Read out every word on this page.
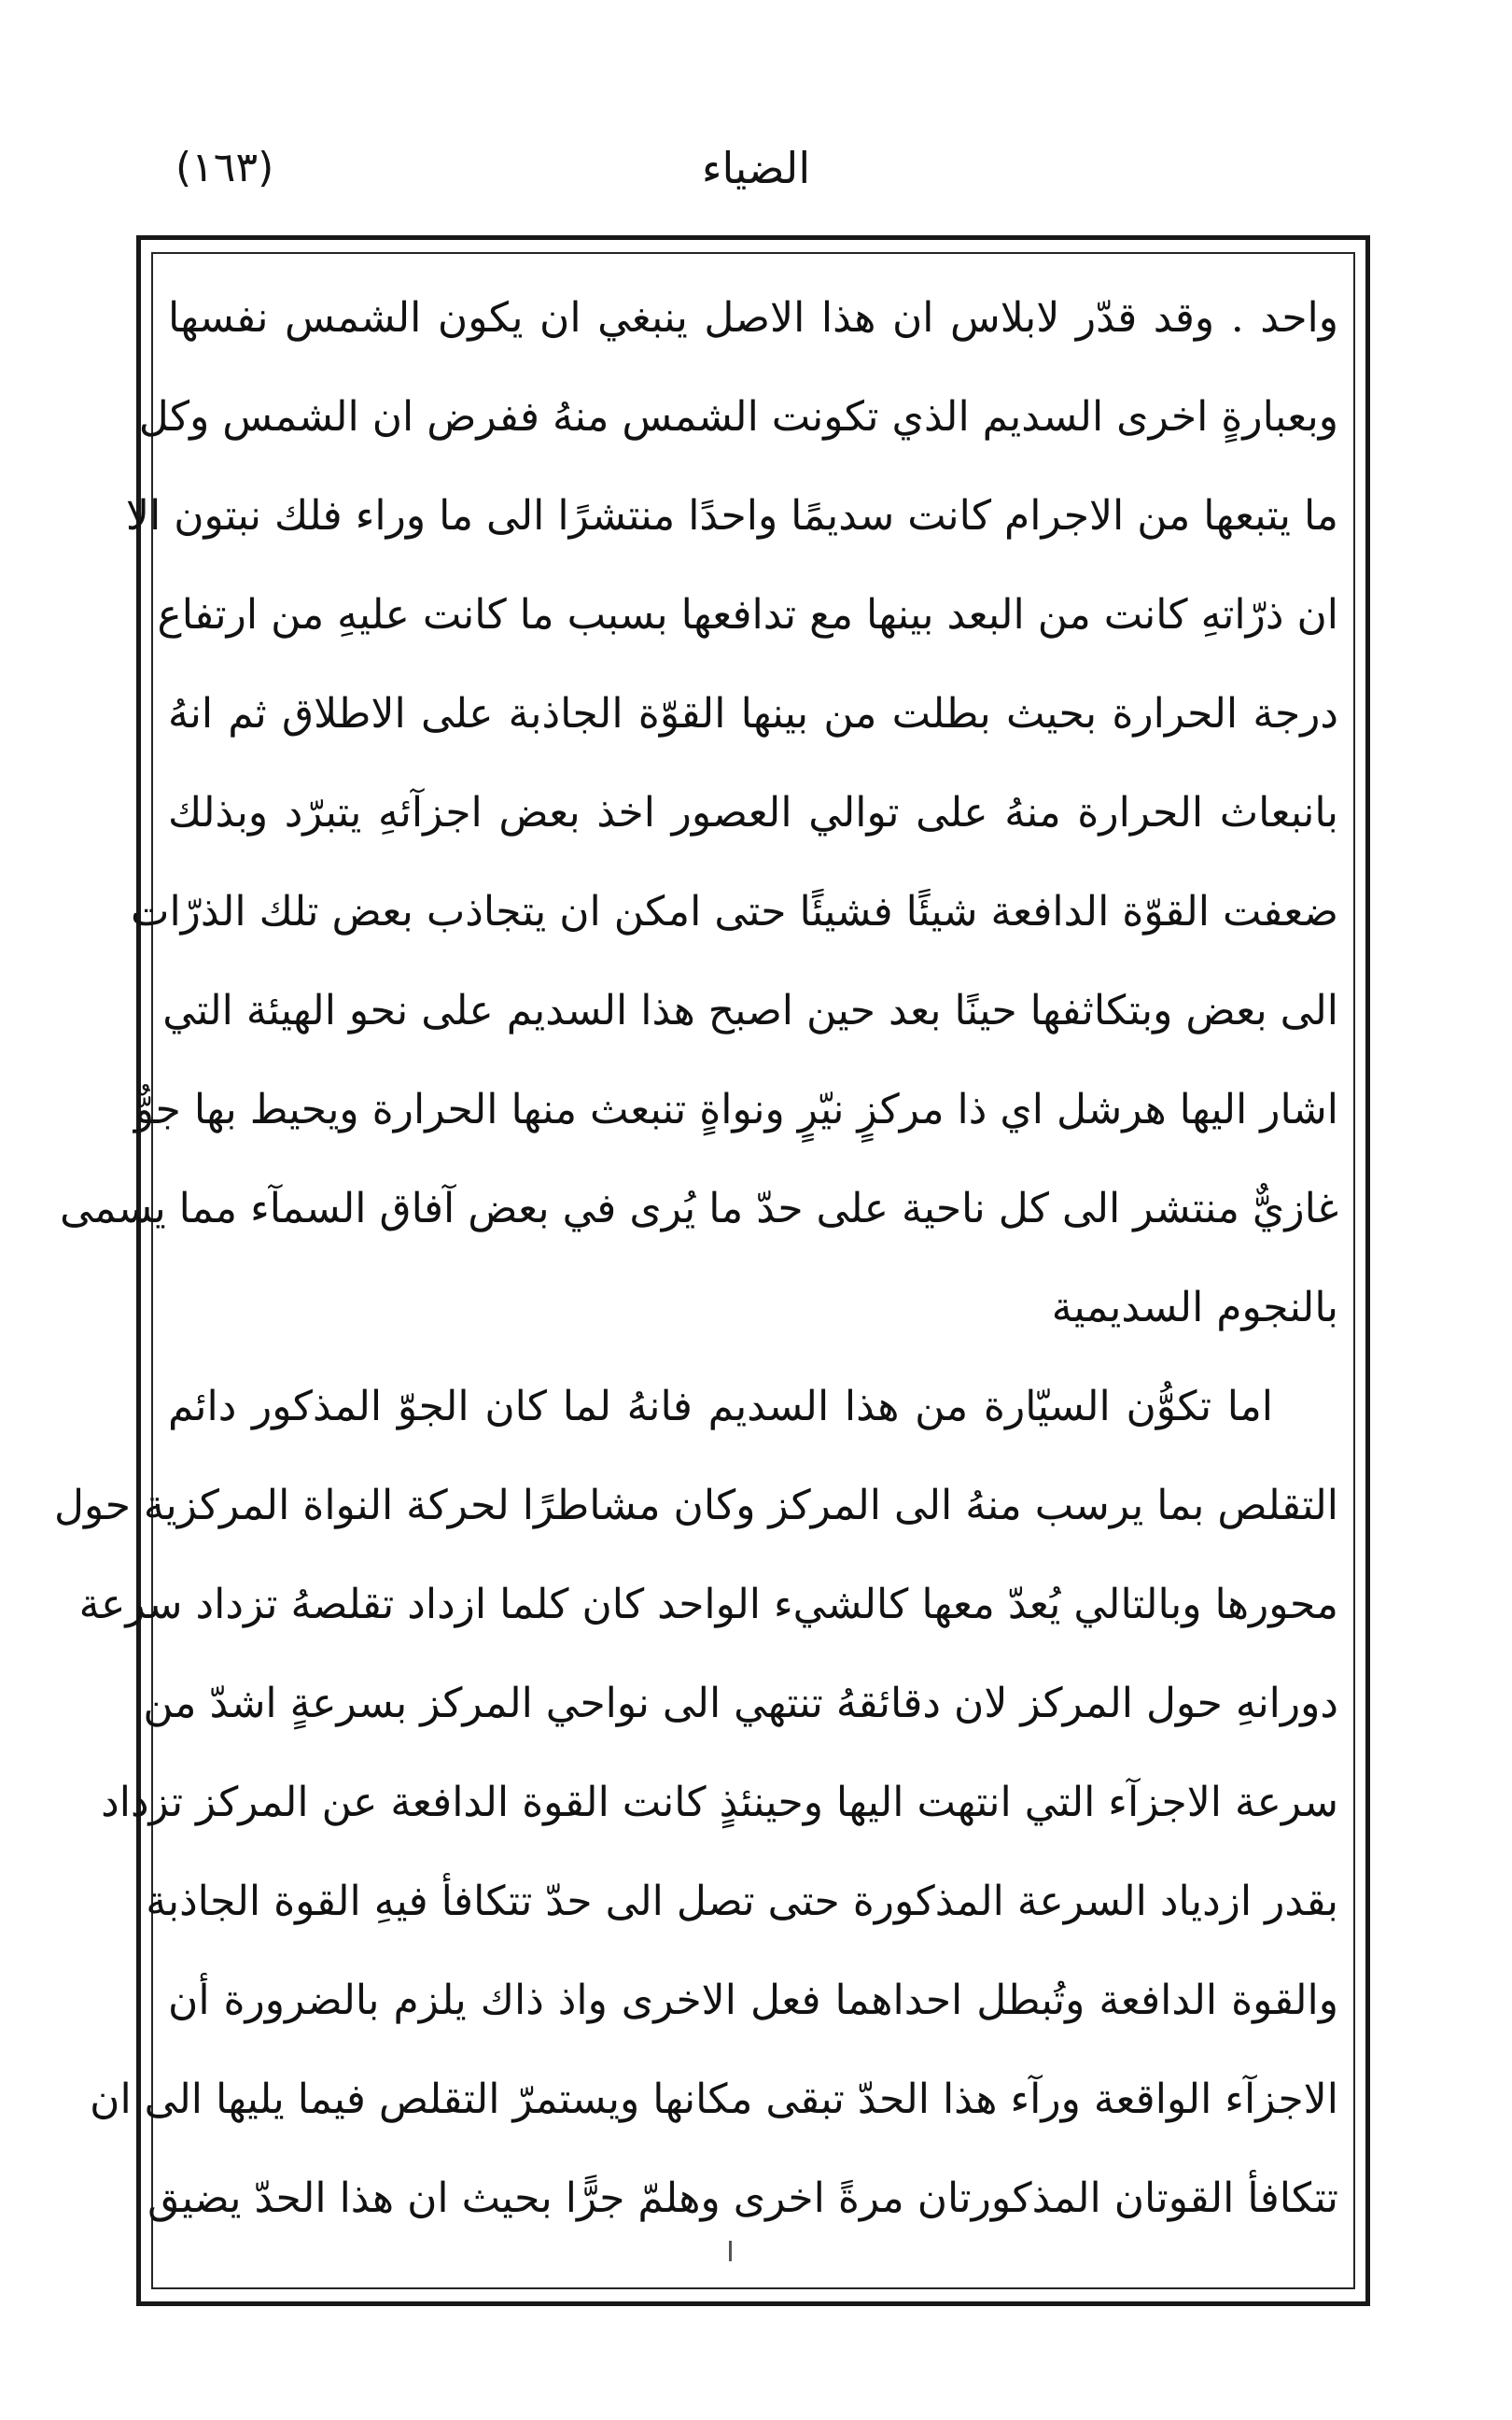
الضياء
(١٦٣)
واحد . وقد قدّر لابلاس ان هذا الاصل ينبغي ان يكون الشمس نفسها
وبعبارةٍ اخرى السديم الذي تكونت الشمس منهُ ففرض ان الشمس وكل
ما يتبعها من الاجرام كانت سديمًا واحدًا منتشرًا الى ما وراء فلك نبتون الا
ان ذرّاتهِ كانت من البعد بينها مع تدافعها بسبب ما كانت عليهِ من ارتفاع
درجة الحرارة بحيث بطلت من بينها القوّة الجاذبة على الاطلاق ثم انهُ
بانبعاث الحرارة منهُ على توالي العصور اخذ بعض اجزآئهِ يتبرّد وبذلك
ضعفت القوّة الدافعة شيئًا فشيئًا حتى امكن ان يتجاذب بعض تلك الذرّات
الى بعض وبتكاثفها حينًا بعد حين اصبح هذا السديم على نحو الهيئة التي
اشار اليها هرشل اي ذا مركزٍ نيّرٍ ونواةٍ تنبعث منها الحرارة ويحيط بها جوٌّ
غازيٌّ منتشر الى كل ناحية على حدّ ما يُرى في بعض آفاق السمآء مما يسمى
بالنجوم السديمية
اما تكوُّن السيّارة من هذا السديم فانهُ لما كان الجوّ المذكور دائم
التقلص بما يرسب منهُ الى المركز وكان مشاطرًا لحركة النواة المركزية حول
محورها وبالتالي يُعدّ معها كالشيء الواحد كان كلما ازداد تقلصهُ تزداد سرعة
دورانهِ حول المركز لان دقائقهُ تنتهي الى نواحي المركز بسرعةٍ اشدّ من
سرعة الاجزآء التي انتهت اليها وحينئذٍ كانت القوة الدافعة عن المركز تزداد
بقدر ازدياد السرعة المذكورة حتى تصل الى حدّ تتكافأ فيهِ القوة الجاذبة
والقوة الدافعة وتُبطل احداهما فعل الاخرى واذ ذاك يلزم بالضرورة أن
الاجزآء الواقعة ورآء هذا الحدّ تبقى مكانها ويستمرّ التقلص فيما يليها الى ان
تتكافأ القوتان المذكورتان مرةً اخرى وهلمّ جرًّا بحيث ان هذا الحدّ يضيق
